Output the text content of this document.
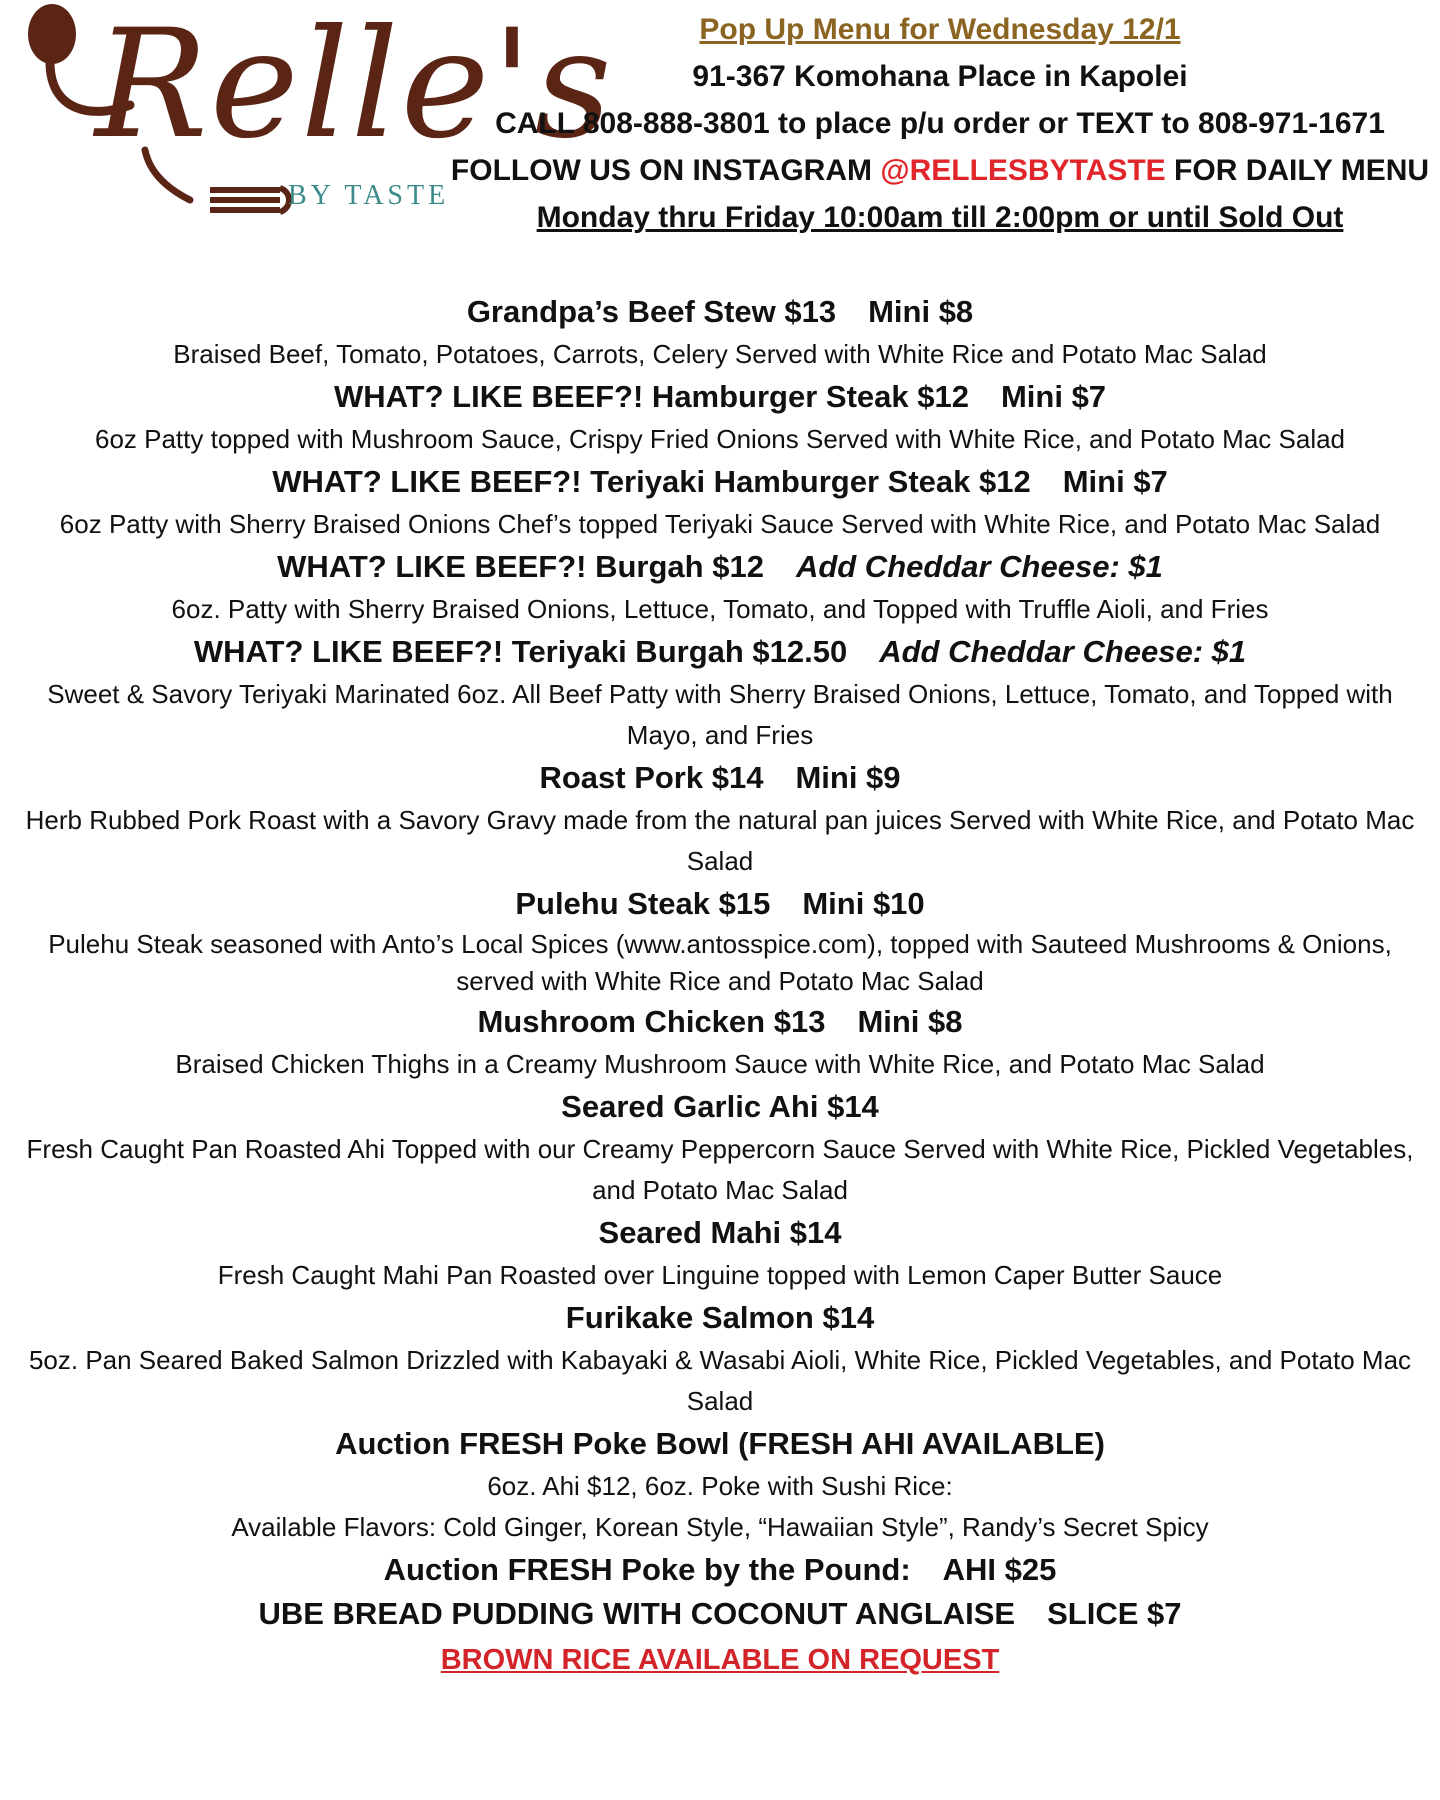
Relle's
BY TASTE
Pop Up Menu for Wednesday 12/1
91-367 Komohana Place in Kapolei
CALL 808-888-3801 to place p/u order or TEXT to 808-971-1671
FOLLOW US ON INSTAGRAM @RELLESBYTASTE FOR DAILY MENU
Monday thru Friday 10:00am till 2:00pm or until Sold Out
Grandpa’s Beef Stew $13 Mini $8
Braised Beef, Tomato, Potatoes, Carrots, Celery Served with White Rice and Potato Mac Salad
WHAT? LIKE BEEF?! Hamburger Steak $12 Mini $7
6oz Patty topped with Mushroom Sauce, Crispy Fried Onions Served with White Rice, and Potato Mac Salad
WHAT? LIKE BEEF?! Teriyaki Hamburger Steak $12 Mini $7
6oz Patty with Sherry Braised Onions Chef’s topped Teriyaki Sauce Served with White Rice, and Potato Mac Salad
WHAT? LIKE BEEF?! Burgah $12 Add Cheddar Cheese: $1
6oz. Patty with Sherry Braised Onions, Lettuce, Tomato, and Topped with Truffle Aioli, and Fries
WHAT? LIKE BEEF?! Teriyaki Burgah $12.50 Add Cheddar Cheese: $1
Sweet & Savory Teriyaki Marinated 6oz. All Beef Patty with Sherry Braised Onions, Lettuce, Tomato, and Topped with Mayo, and Fries
Roast Pork $14 Mini $9
Herb Rubbed Pork Roast with a Savory Gravy made from the natural pan juices Served with White Rice, and Potato Mac Salad
Pulehu Steak $15 Mini $10
Pulehu Steak seasoned with Anto’s Local Spices (www.antosspice.com), topped with Sauteed Mushrooms & Onions, served with White Rice and Potato Mac Salad
Mushroom Chicken $13 Mini $8
Braised Chicken Thighs in a Creamy Mushroom Sauce with White Rice, and Potato Mac Salad
Seared Garlic Ahi $14
Fresh Caught Pan Roasted Ahi Topped with our Creamy Peppercorn Sauce Served with White Rice, Pickled Vegetables, and Potato Mac Salad
Seared Mahi $14
Fresh Caught Mahi Pan Roasted over Linguine topped with Lemon Caper Butter Sauce
Furikake Salmon $14
5oz. Pan Seared Baked Salmon Drizzled with Kabayaki & Wasabi Aioli, White Rice, Pickled Vegetables, and Potato Mac Salad
Auction FRESH Poke Bowl (FRESH AHI AVAILABLE)
6oz. Ahi $12, 6oz. Poke with Sushi Rice:
Available Flavors: Cold Ginger, Korean Style, “Hawaiian Style”, Randy’s Secret Spicy
Auction FRESH Poke by the Pound: AHI $25
UBE BREAD PUDDING WITH COCONUT ANGLAISE SLICE $7
BROWN RICE AVAILABLE ON REQUEST
